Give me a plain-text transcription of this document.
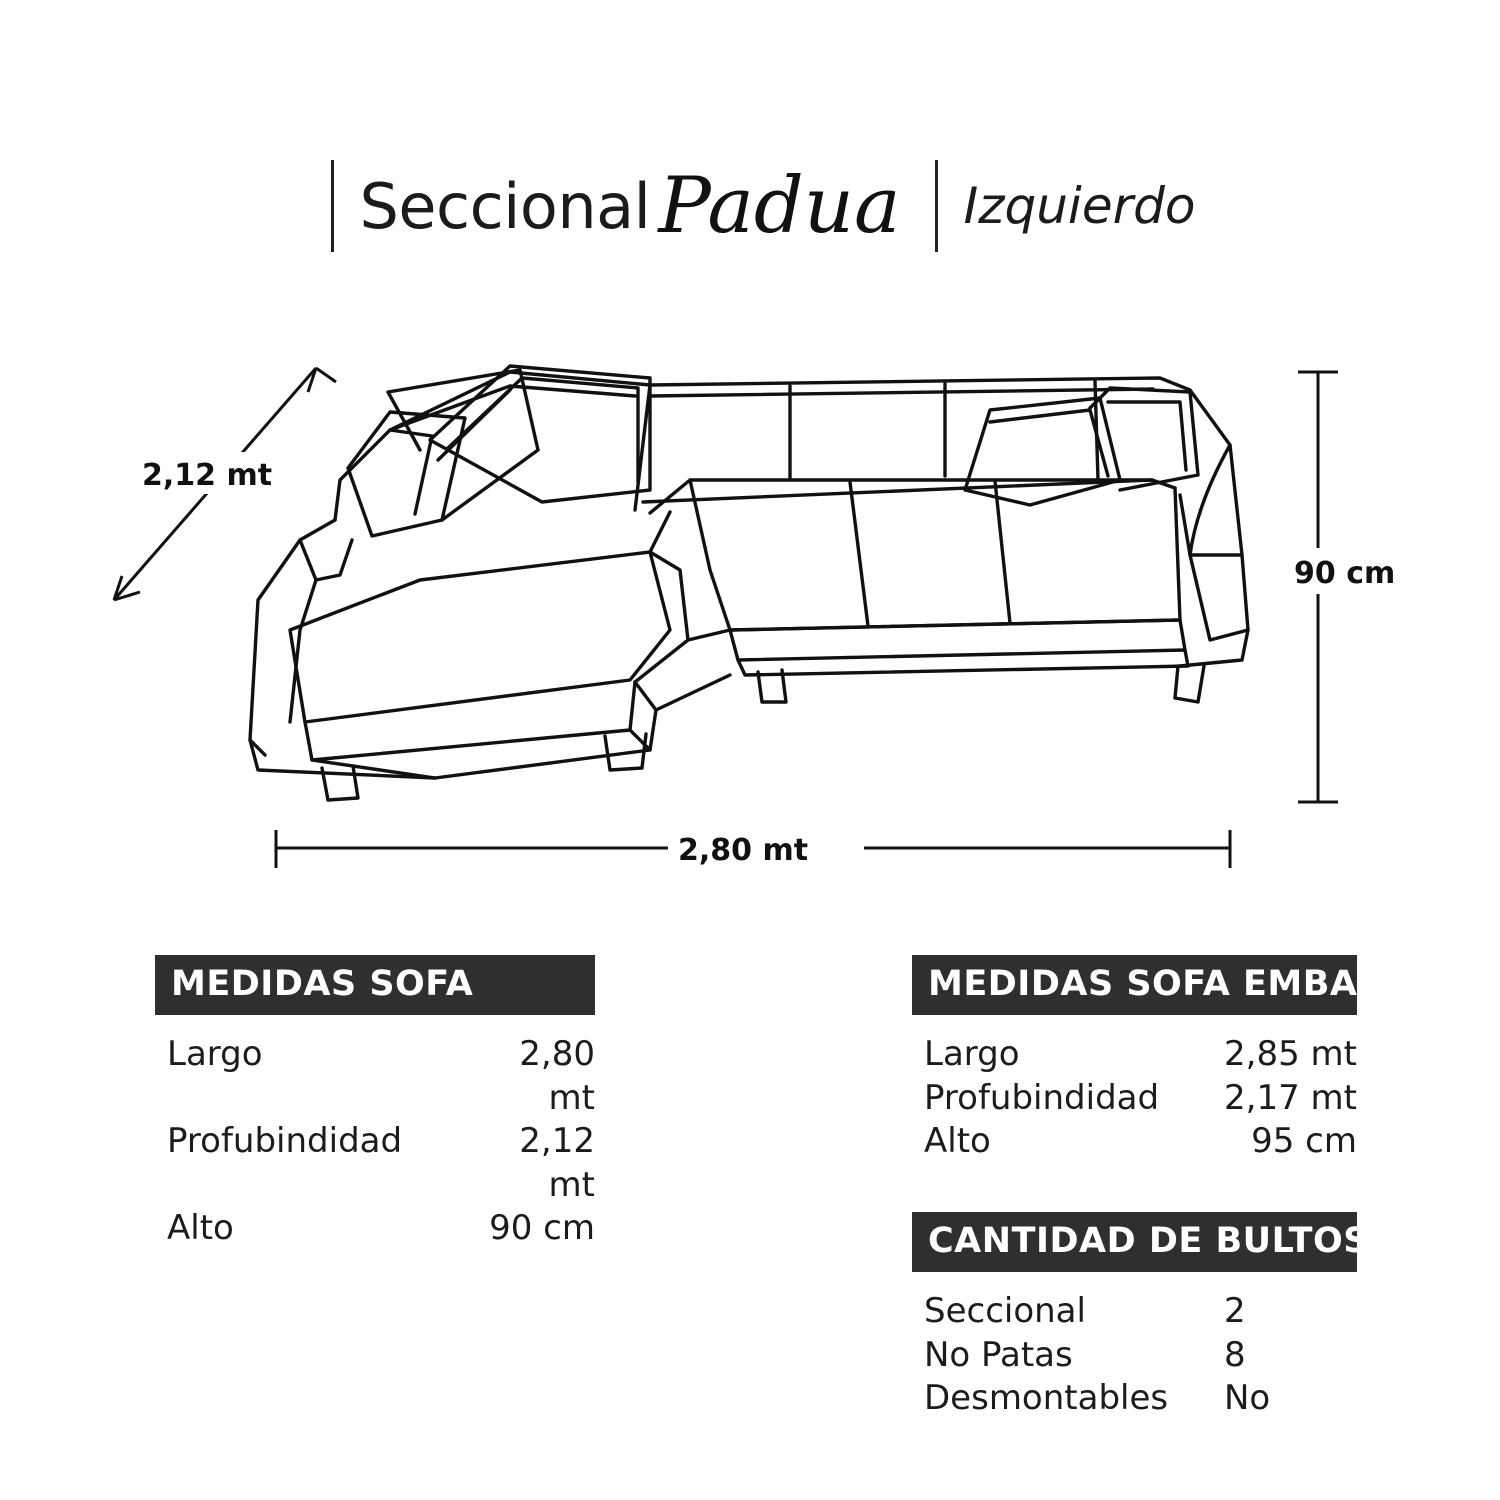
Seccional Padua Izquierdo
2,12 mt
90 cm
2,80 mt
MEDIDAS SOFA
Largo	2,80 mt
Profubindidad	2,12 mt
Alto	90 cm
MEDIDAS SOFA EMBALADO
Largo	2,85 mt
Profubindidad	2,17 mt
Alto	95 cm
CANTIDAD DE BULTOS
Seccional	2
No Patas	8
Desmontables	No
